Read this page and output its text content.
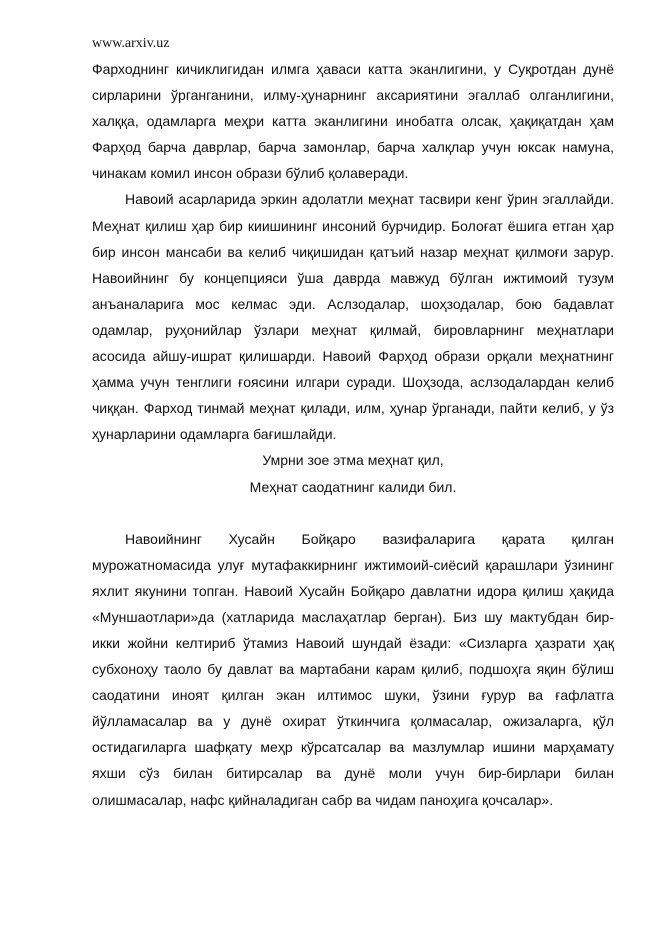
www.arxiv.uz

Фарходнинг кичиклигидан илмга ҳаваси катта эканлигини, у Суқротдан дунё сирларини ўрганганини, илму-ҳунарнинг аксариятини эгаллаб олганлигини, халққа, одамларга меҳри катта эканлигини инобатга олсак, ҳақиқатдан ҳам Фарҳод барча даврлар, барча замонлар, барча халқлар учун юксак намуна, чинакам комил инсон образи бўлиб қолаверади.

Навоий асарларида эркин адолатли меҳнат тасвири кенг ўрин эгаллайди. Меҳнат қилиш ҳар бир киишининг инсоний бурчидир. Болоғат ёшига етган ҳар бир инсон мансаби ва келиб чиқишидан қатъий назар меҳнат қилмоғи зарур. Навоийнинг бу концепцияси ўша даврда мавжуд бўлган ижтимоий тузум анъаналарига мос келмас эди. Аслзодалар, шоҳзодалар, бою бадавлат одамлар, руҳонийлар ўзлари меҳнат қилмай, бировларнинг меҳнатлари асосида айшу-ишрат қилишарди. Навоий Фарҳод образи орқали меҳнатнинг ҳамма учун тенглиги ғоясини илгари суради. Шоҳзода, аслзодалардан келиб чиққан. Фарход тинмай меҳнат қилади, илм, ҳунар ўрганади, пайти келиб, у ўз ҳунарларини одамларга бағишлайди.

Умрни зое этма меҳнат қил,

Меҳнат саодатнинг калиди бил.

Навоийнинг Хусайн Бойқаро вазифаларига қарата қилган мурожатномасида улуғ мутафаккирнинг ижтимоий-сиёсий қарашлари ўзининг яхлит якунини топган. Навоий Хусайн Бойқаро давлатни идора қилиш ҳақида «Муншаотлари»да (хатларида маслаҳатлар берган). Биз шу мактубдан бир-икки жойни келтириб ўтамиз Навоий шундай ёзади: «Сизларга ҳазрати ҳақ субхоноҳу таоло бу давлат ва мартабани карам қилиб, подшоҳга яқин бўлиш саодатини иноят қилган экан илтимос шуки, ўзини ғурур ва ғафлатга йўлламасалар ва у дунё охират ўткинчига қолмасалар, ожизаларга, қўл остидагиларга шафқату меҳр кўрсатсалар ва мазлумлар ишини марҳамату яхши сўз билан битирсалар ва дунё моли учун бир-бирлари билан олишмасалар, нафс қийналадиган сабр ва чидам паноҳига қочсалар».
